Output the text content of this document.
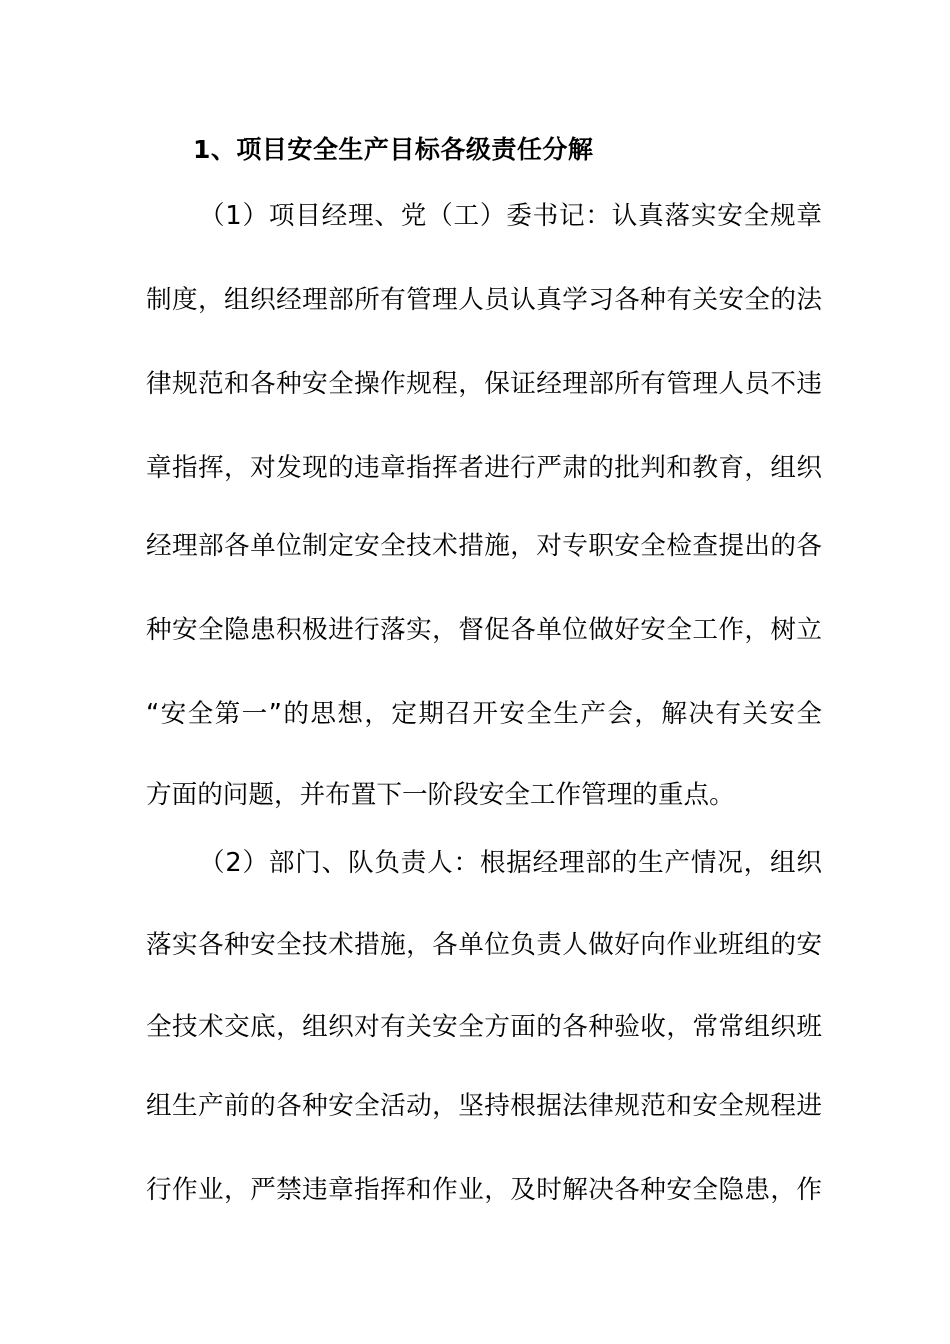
1、项目安全生产目标各级责任分解
（1）项目经理、党（工）委书记：认真落实安全规章
制度，组织经理部所有管理人员认真学习各种有关安全的法
律规范和各种安全操作规程，保证经理部所有管理人员不违
章指挥，对发现的违章指挥者进行严肃的批判和教育，组织
经理部各单位制定安全技术措施，对专职安全检查提出的各
种安全隐患积极进行落实，督促各单位做好安全工作，树立
“安全第一”的思想，定期召开安全生产会，解决有关安全
方面的问题，并布置下一阶段安全工作管理的重点。
（2）部门、队负责人：根据经理部的生产情况，组织
落实各种安全技术措施，各单位负责人做好向作业班组的安
全技术交底，组织对有关安全方面的各种验收，常常组织班
组生产前的各种安全活动，坚持根据法律规范和安全规程进
行作业，严禁违章指挥和作业，及时解决各种安全隐患，作
